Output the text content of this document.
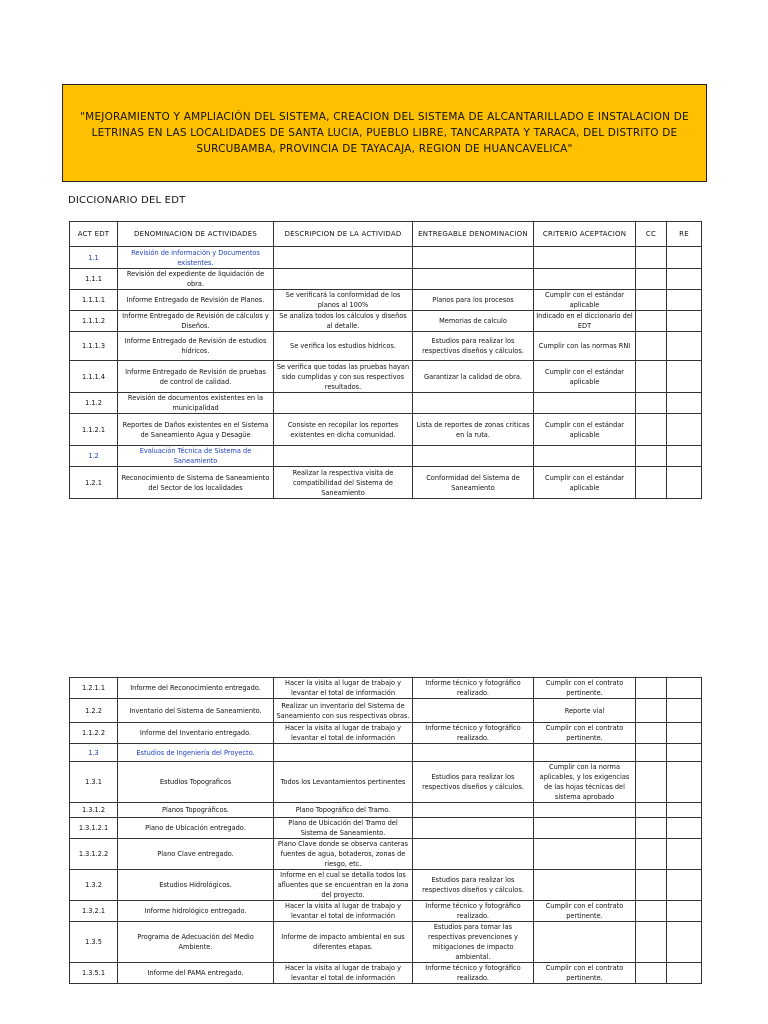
"MEJORAMIENTO Y AMPLIACIÓN DEL SISTEMA, CREACION DEL SISTEMA DE ALCANTARILLADO E INSTALACION DE LETRINAS EN LAS LOCALIDADES DE SANTA LUCIA, PUEBLO LIBRE, TANCARPATA Y TARACA, DEL DISTRITO DE SURCUBAMBA, PROVINCIA DE TAYACAJA, REGION DE HUANCAVELICA"
DICCIONARIO DEL EDT
ACT EDT	DENOMINACION DE ACTIVIDADES	DESCRIPCION DE LA ACTIVIDAD	ENTREGABLE DENOMINACION	CRITERIO ACEPTACION	CC	RE
1.1	Revisión de información y Documentos existentes.					
1.1.1	Revisión del expediente de liquidación de obra.					
1.1.1.1	Informe Entregado de Revisión de Planos.	Se verificará la conformidad de los planos al 100%	Planos para los procesos	Cumplir con el estándar aplicable		
1.1.1.2	Informe Entregado de Revisión de cálculos y Diseños.	Se analiza todos los cálculos y diseños al detalle.	Memorias de calculo	Indicado en el diccionario del EDT		
1.1.1.3	Informe Entregado de Revisión de estudios hídricos.	Se verifica los estudios hídricos.	Estudios para realizar los respectivos diseños y cálculos.	Cumplir con las normas RNI		
1.1.1.4	Informe Entregado de Revisión de pruebas de control de calidad.	Se verifica que todas las pruebas hayan sido cumplidas y con sus respectivos resultados.	Garantizar la calidad de obra.	Cumplir con el estándar aplicable		
1.1.2	Revisión de documentos existentes en la municipalidad					
1.1.2.1	Reportes de Daños existentes en el Sistema de Saneamiento Agua y Desagüe	Consiste en recopilar los reportes existentes en dicha comunidad.	Lista de reportes de zonas criticas en la ruta.	Cumplir con el estándar aplicable		
1.2	Evaluación Técnica de Sistema de Saneamiento					
1.2.1	Reconocimiento de Sistema de Saneamiento del Sector de los localidades	Realizar la respectiva visita de compatibilidad del Sistema de Saneamiento	Conformidad del Sistema de Saneamiento	Cumplir con el estándar aplicable		
1.2.1.1	Informe del Reconocimiento entregado.	Hacer la visita al lugar de trabajo y levantar el total de información	Informe técnico y fotográfico realizado.	Cumplir con el contrato pertinente.		
1.2.2	Inventario del Sistema de Saneamiento.	Realizar un inventario del Sistema de Saneamiento con sus respectivas obras.		Reporte vial		
1.1.2.2	Informe del Inventario entregado.	Hacer la visita al lugar de trabajo y levantar el total de información	Informe técnico y fotográfico realizado.	Cumplir con el contrato pertinente.		
1.3	Estudios de Ingeniería del Proyecto.					
1.3.1	Estudios Topograficos	Todos los Levantamientos pertinentes	Estudios para realizar los respectivos diseños y cálculos.	Cumplir con la norma aplicables, y los exigencias de las hojas técnicas del sistema aprobado		
1.3.1.2	Planos Topográficos.	Plano Topográfico del Tramo.				
1.3.1.2.1	Plano de Ubicación entregado.	Plano de Ubicación del Tramo del Sistema de Saneamiento.				
1.3.1.2.2	Plano Clave entregado.	Plano Clave donde se observa canteras fuentes de agua, botaderos, zonas de riesgo, etc.				
1.3.2	Estudios Hidrológicos.	Informe en el cual se detalla todos los afluentes que se encuentran en la zona del proyecto.	Estudios para realizar los respectivos diseños y cálculos.			
1.3.2.1	Informe hidrológico entregado.	Hacer la visita al lugar de trabajo y levantar el total de información	Informe técnico y fotográfico realizado.	Cumplir con el contrato pertinente.		
1.3.5	Programa de Adecuación del Medio Ambiente.	Informe de impacto ambiental en sus diferentes etapas.	Estudios para tomar las respectivas prevenciones y mitigaciones de impacto ambiental.			
1.3.5.1	Informe del PAMA entregado.	Hacer la visita al lugar de trabajo y levantar el total de información	Informe técnico y fotográfico realizado.	Cumplir con el contrato pertinente.		
